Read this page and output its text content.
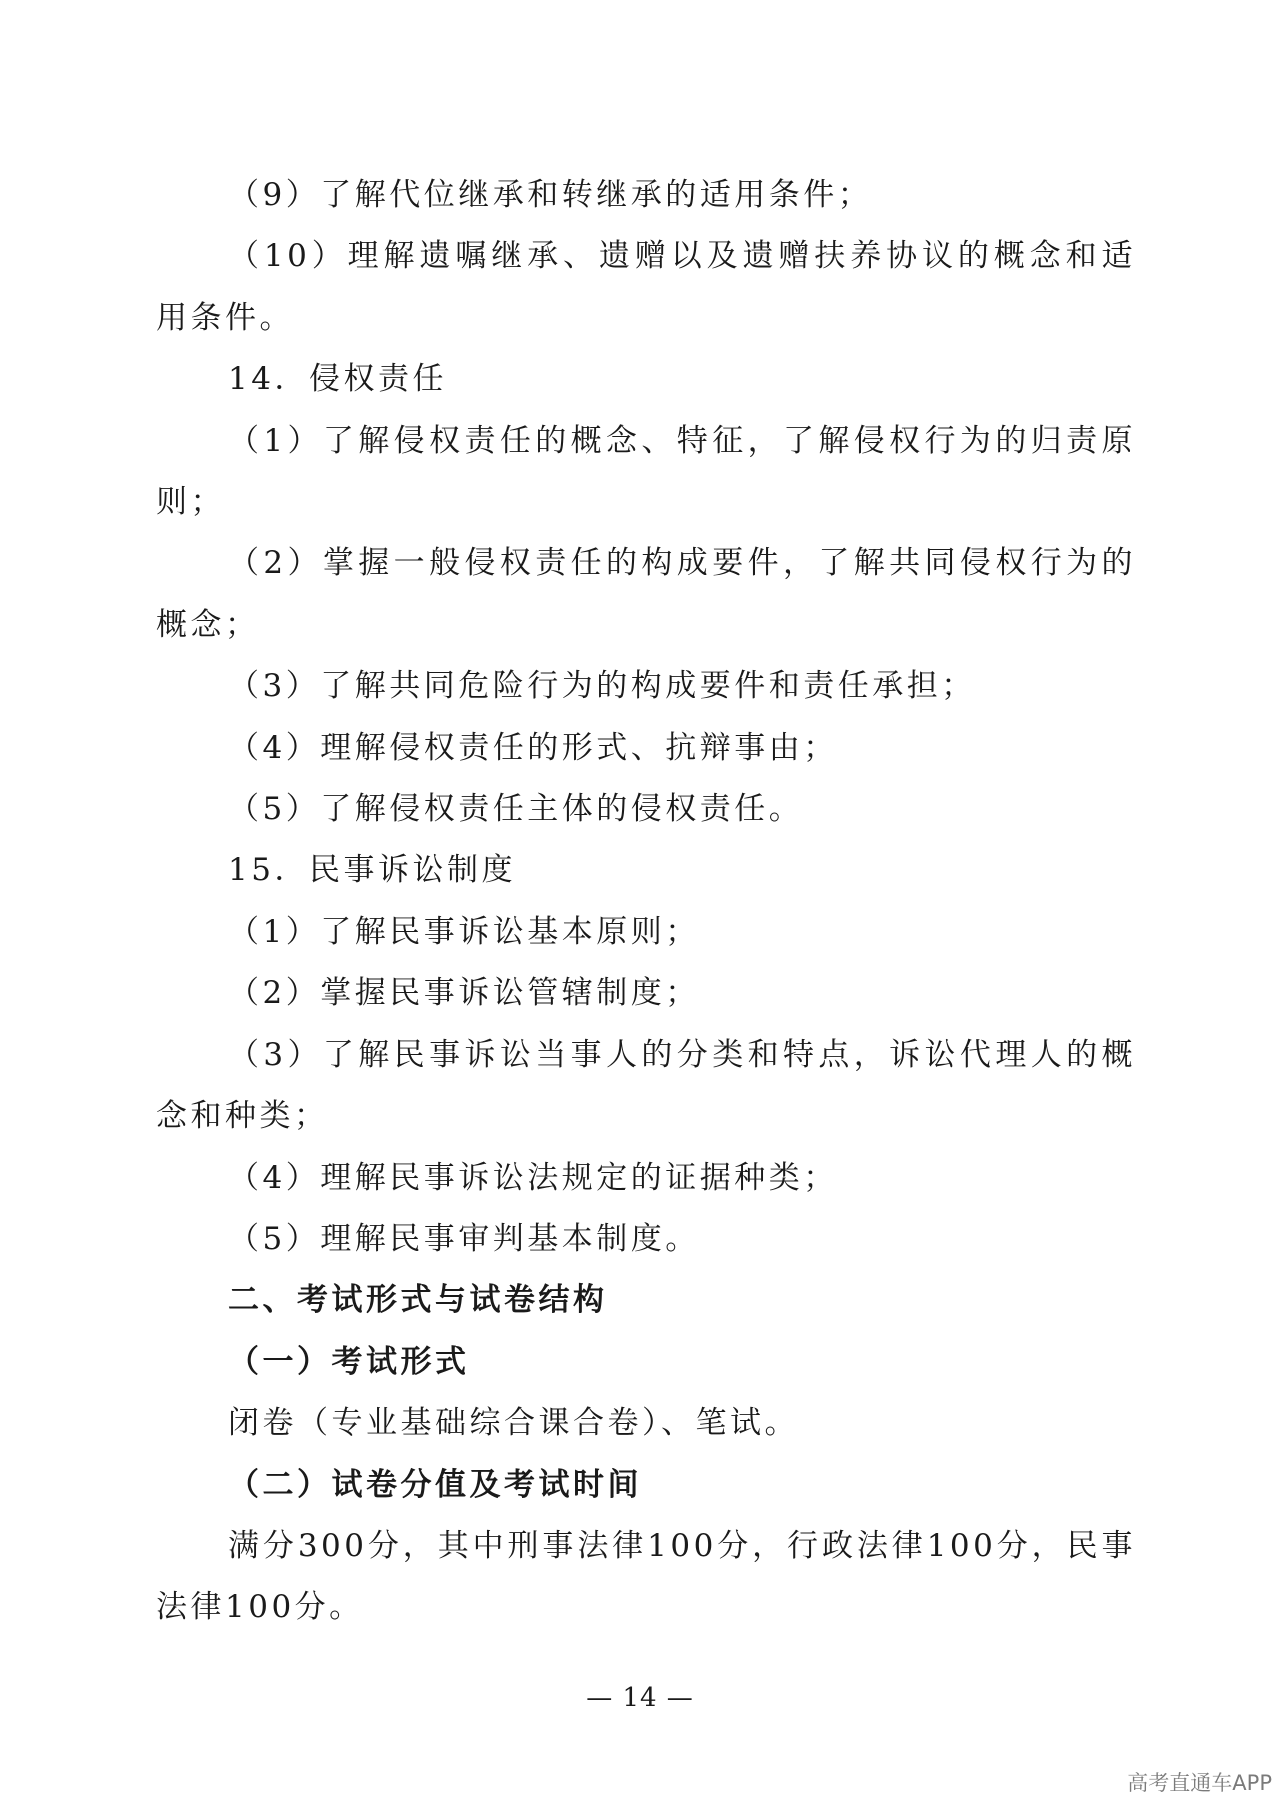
（9）了解代位继承和转继承的适用条件；

（10）理解遗嘱继承、遗赠以及遗赠扶养协议的概念和适用条件。

14．侵权责任

（1）了解侵权责任的概念、特征，了解侵权行为的归责原则；

（2）掌握一般侵权责任的构成要件，了解共同侵权行为的概念；

（3）了解共同危险行为的构成要件和责任承担；

（4）理解侵权责任的形式、抗辩事由；

（5）了解侵权责任主体的侵权责任。

15．民事诉讼制度

（1）了解民事诉讼基本原则；

（2）掌握民事诉讼管辖制度；

（3）了解民事诉讼当事人的分类和特点，诉讼代理人的概念和种类；

（4）理解民事诉讼法规定的证据种类；

（5）理解民事审判基本制度。

二、考试形式与试卷结构

（一）考试形式

闭卷（专业基础综合课合卷）、笔试。

（二）试卷分值及考试时间

满分300分，其中刑事法律100分，行政法律100分，民事法律100分。

— 14 —
高考直通车APP
